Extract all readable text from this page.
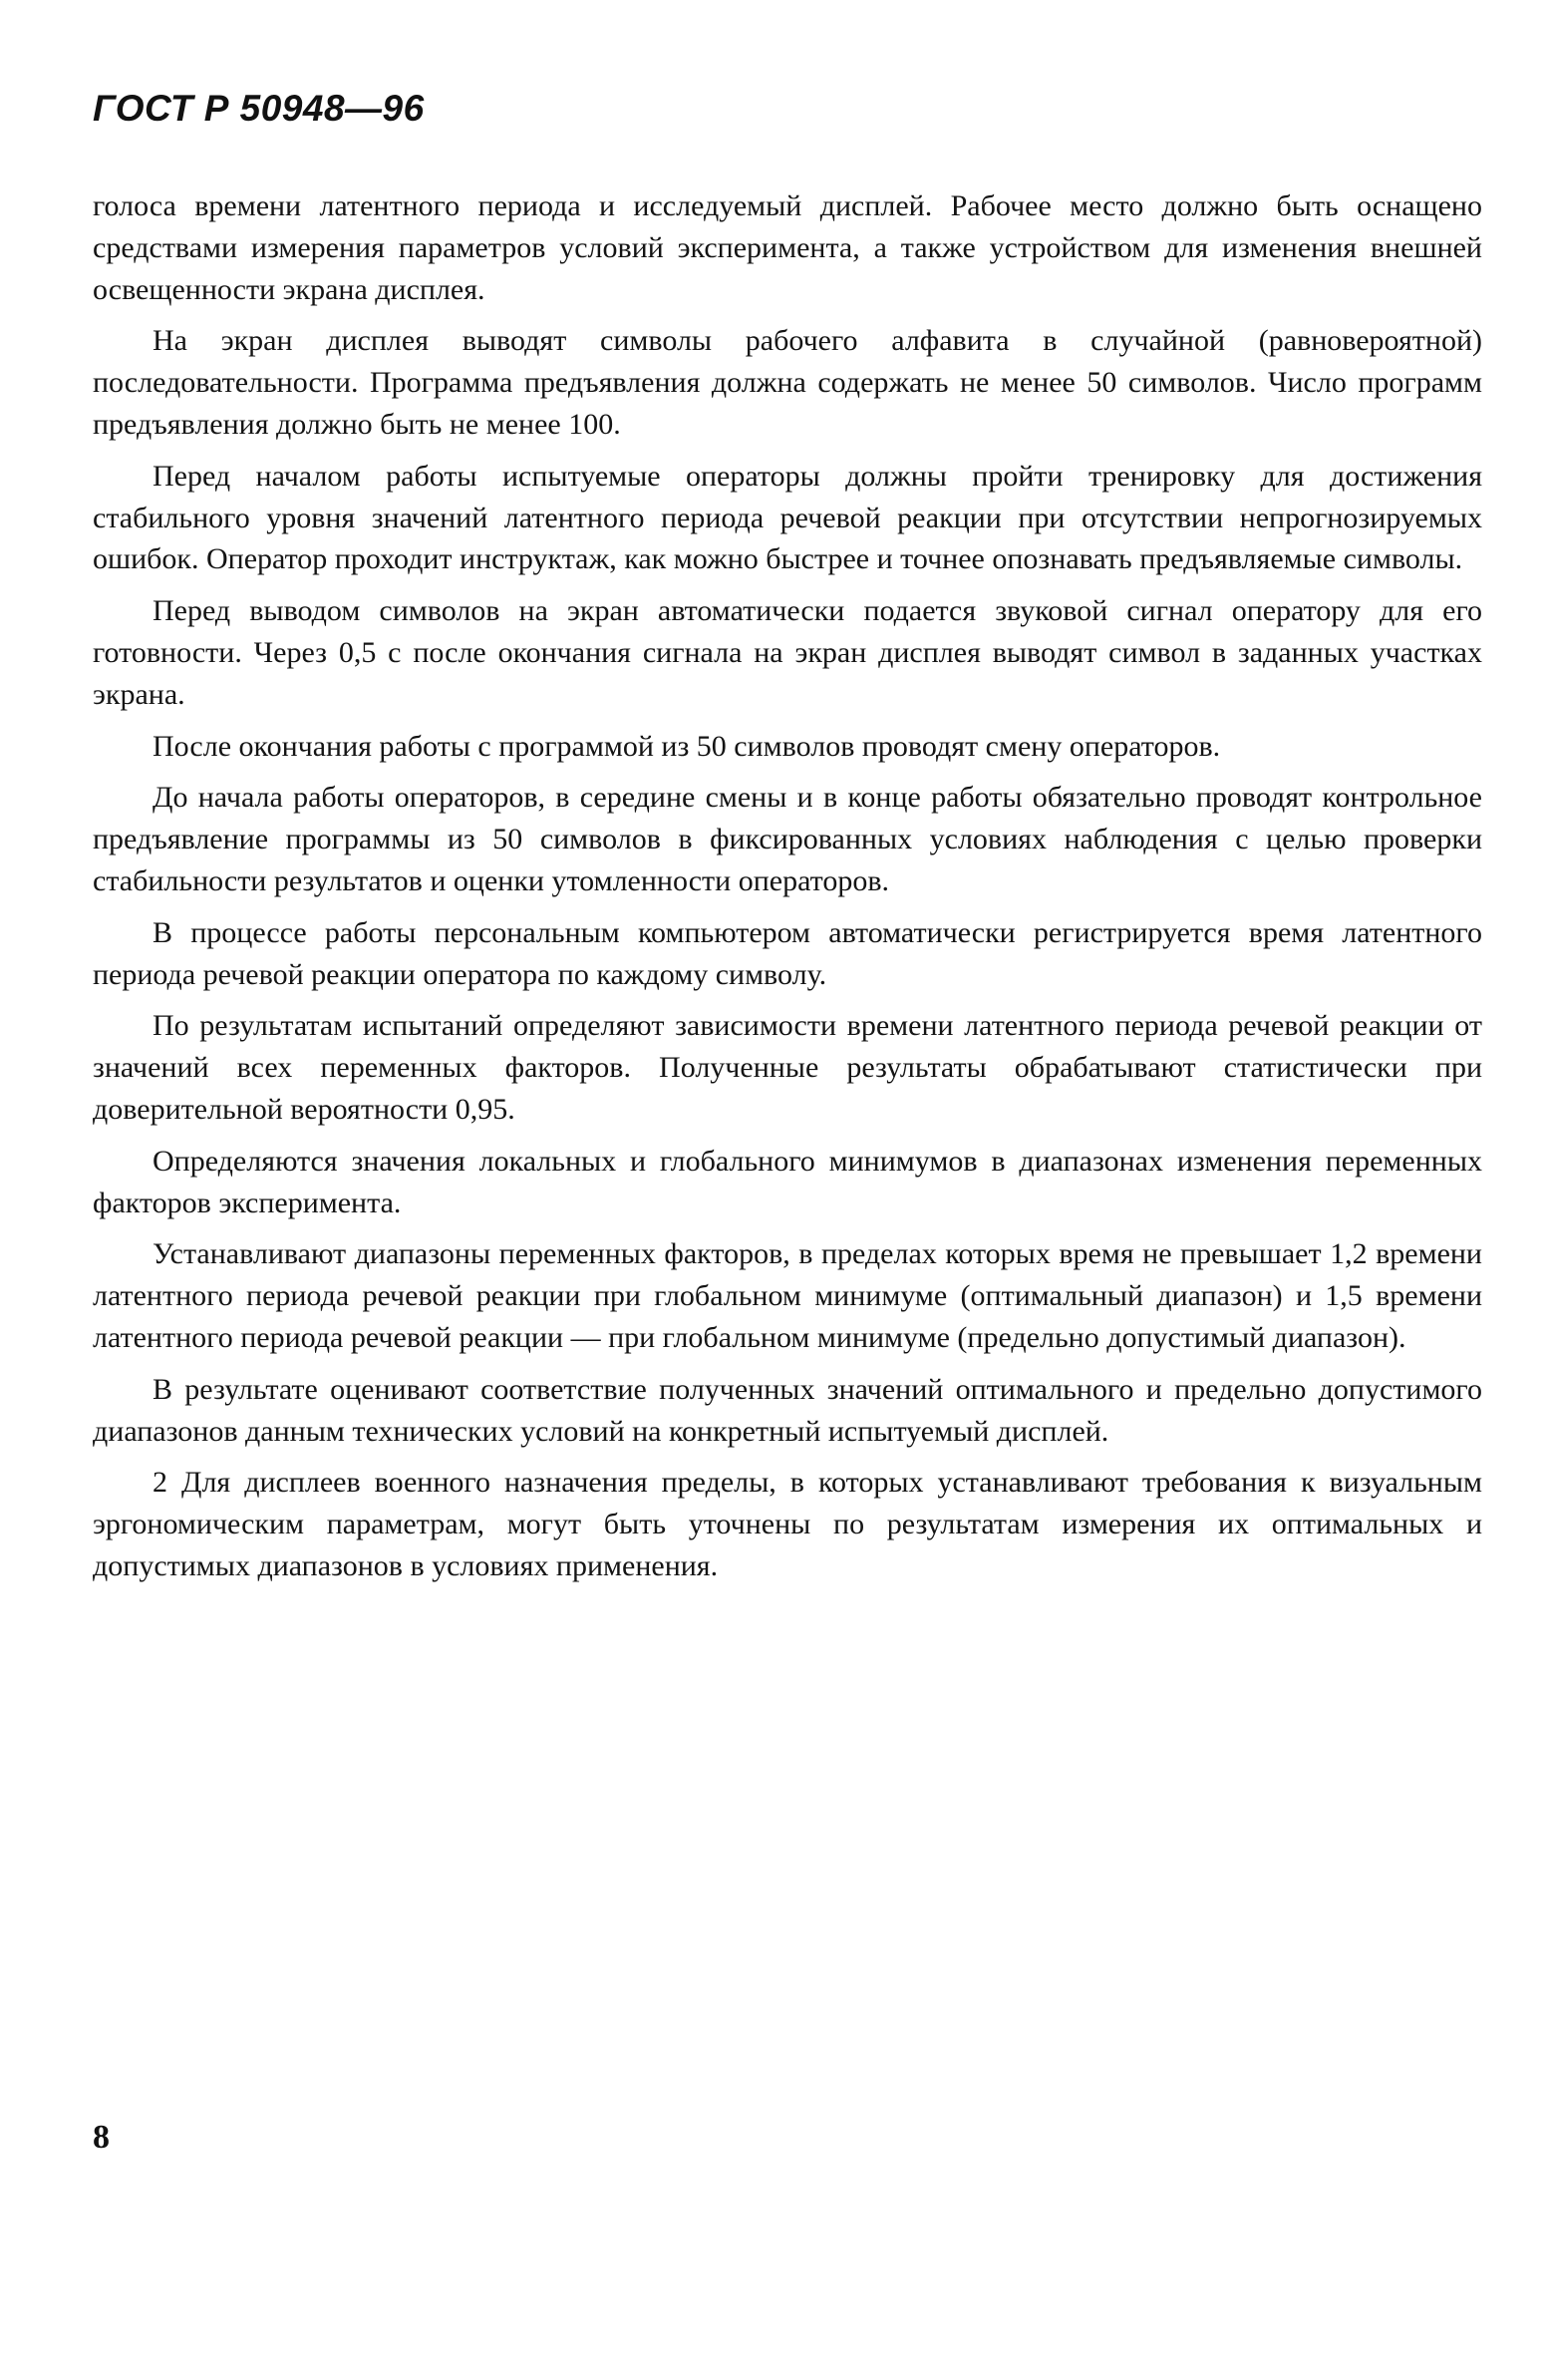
ГОСТ Р 50948—96

голоса времени латентного периода и исследуемый дисплей. Рабочее место должно быть оснащено средствами измерения параметров условий эксперимента, а также устройством для изменения внешней освещенности экрана дисплея.

На экран дисплея выводят символы рабочего алфавита в случайной (равновероятной) последовательности. Программа предъявления должна содержать не менее 50 символов. Число программ предъявления должно быть не менее 100.

Перед началом работы испытуемые операторы должны пройти тренировку для достижения стабильного уровня значений латентного периода речевой реакции при отсутствии непрогнозируемых ошибок. Оператор проходит инструктаж, как можно быстрее и точнее опознавать предъявляемые символы.

Перед выводом символов на экран автоматически подается звуковой сигнал оператору для его готовности. Через 0,5 с после окончания сигнала на экран дисплея выводят символ в заданных участках экрана.

После окончания работы с программой из 50 символов проводят смену операторов.

До начала работы операторов, в середине смены и в конце работы обязательно проводят контрольное предъявление программы из 50 символов в фиксированных условиях наблюдения с целью проверки стабильности результатов и оценки утомленности операторов.

В процессе работы персональным компьютером автоматически регистрируется время латентного периода речевой реакции оператора по каждому символу.

По результатам испытаний определяют зависимости времени латентного периода речевой реакции от значений всех переменных факторов. Полученные результаты обрабатывают статистически при доверительной вероятности 0,95.

Определяются значения локальных и глобального минимумов в диапазонах изменения переменных факторов эксперимента.

Устанавливают диапазоны переменных факторов, в пределах которых время не превышает 1,2 времени латентного периода речевой реакции при глобальном минимуме (оптимальный диапазон) и 1,5 времени латентного периода речевой реакции — при глобальном минимуме (предельно допустимый диапазон).

В результате оценивают соответствие полученных значений оптимального и предельно допустимого диапазонов данным технических условий на конкретный испытуемый дисплей.

2 Для дисплеев военного назначения пределы, в которых устанавливают требования к визуальным эргономическим параметрам, могут быть уточнены по результатам измерения их оптимальных и допустимых диапазонов в условиях применения.

8
